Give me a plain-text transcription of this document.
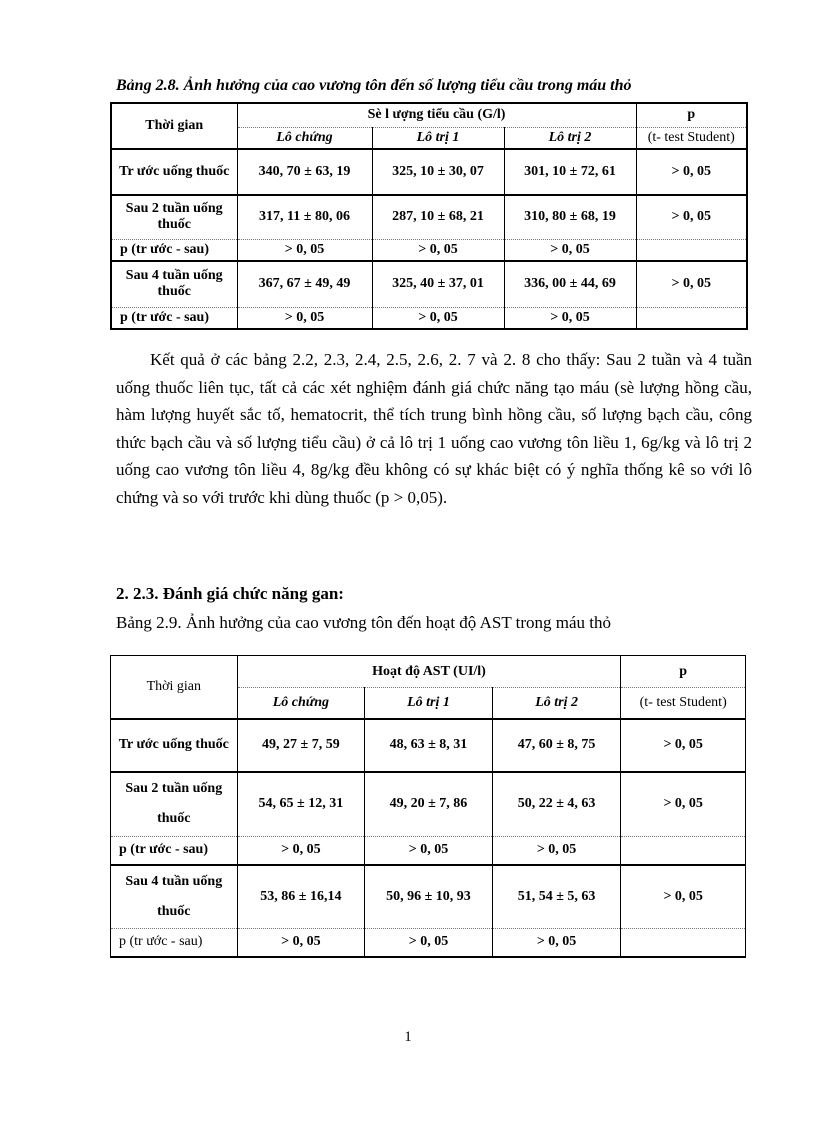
Bảng 2.8. Ảnh hưởng của cao vương tôn đến số lượng tiểu cầu trong máu thỏ
Thời gian	Sè l ượng tiểu cầu (G/l)			p
	Lô chứng	Lô trị 1	Lô trị 2	(t- test Student)
Tr ước uống thuốc	340, 70 ± 63, 19	325, 10 ± 30, 07	301, 10 ± 72, 61	> 0, 05
Sau 2 tuần uống thuốc	317, 11 ± 80, 06	287, 10 ± 68, 21	310, 80 ± 68, 19	> 0, 05
p (tr ước - sau)	> 0, 05	> 0, 05	> 0, 05	
Sau 4 tuần uống thuốc	367, 67 ± 49, 49	325, 40 ± 37, 01	336, 00 ± 44, 69	> 0, 05
p (tr ước - sau)	> 0, 05	> 0, 05	> 0, 05	

Kết quả ở các bảng 2.2, 2.3, 2.4, 2.5, 2.6, 2. 7 và 2. 8 cho thấy: Sau 2 tuần và 4 tuần uống thuốc liên tục, tất cả các xét nghiệm đánh giá chức năng tạo máu (sè lượng hồng cầu, hàm lượng huyết sắc tố, hematocrit, thể tích trung bình hồng cầu, số lượng bạch cầu, công thức bạch cầu và số lượng tiểu cầu) ở cả lô trị 1 uống cao vương tôn liều 1, 6g/kg và lô trị 2 uống cao vương tôn liều 4, 8g/kg đều không có sự khác biệt có ý nghĩa thống kê so với lô chứng và so với trước khi dùng thuốc (p > 0,05).

2. 2.3. Đánh giá chức năng gan:
Bảng 2.9. Ảnh hưởng của cao vương tôn đến hoạt độ AST trong máu thỏ
Thời gian	Hoạt độ AST (UI/l)			p
	Lô chứng	Lô trị 1	Lô trị 2	(t- test Student)
Tr ước uống thuốc	49, 27 ± 7, 59	48, 63 ± 8, 31	47, 60 ± 8, 75	> 0, 05
Sau 2 tuần uống thuốc	54, 65 ± 12, 31	49, 20 ± 7, 86	50, 22 ± 4, 63	> 0, 05
p (tr ước - sau)	> 0, 05	> 0, 05	> 0, 05	
Sau 4 tuần uống thuốc	53, 86 ± 16,14	50, 96 ± 10, 93	51, 54 ± 5, 63	> 0, 05
p (tr ước - sau)	> 0, 05	> 0, 05	> 0, 05	
1
